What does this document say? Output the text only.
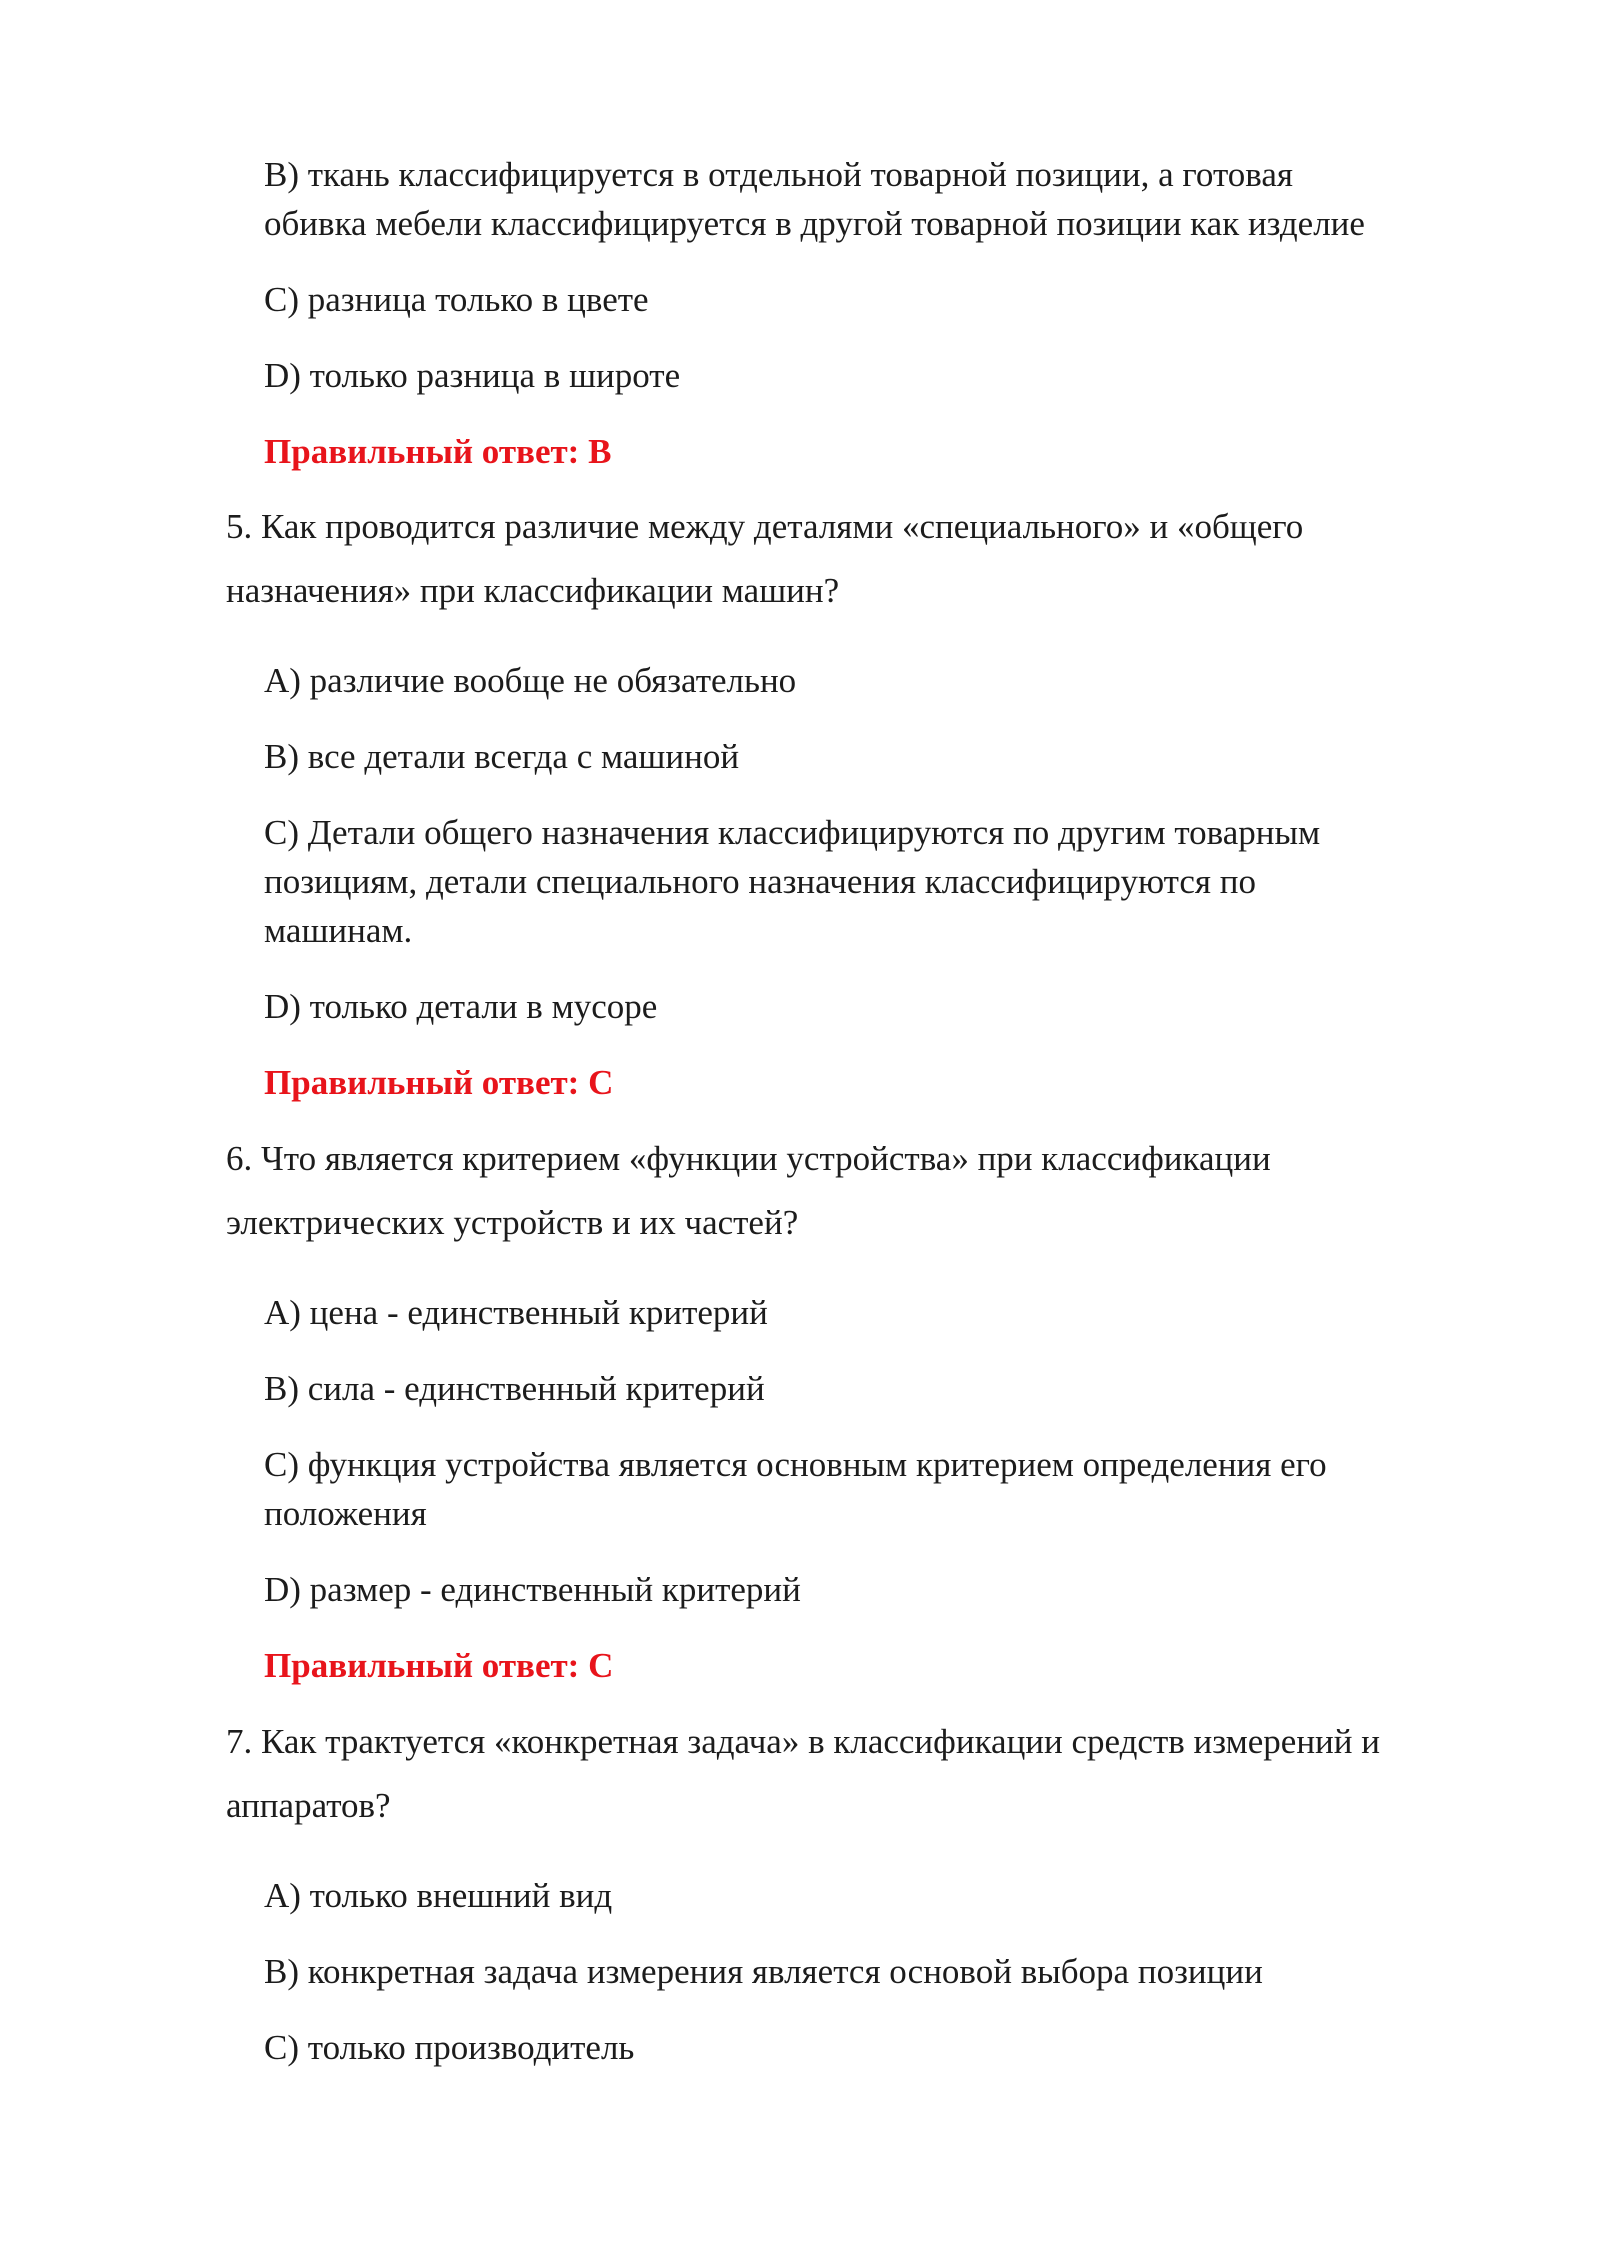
B) ткань классифицируется в отдельной товарной позиции, а готовая

обивка мебели классифицируется в другой товарной позиции как изделие

C) разница только в цвете

D) только разница в широте

Правильный ответ: B

5. Как проводится различие между деталями «специального» и «общего

назначения» при классификации машин?

A) различие вообще не обязательно

B) все детали всегда с машиной

C) Детали общего назначения классифицируются по другим товарным

позициям, детали специального назначения классифицируются по

машинам.

D) только детали в мусоре

Правильный ответ: C

6. Что является критерием «функции устройства» при классификации

электрических устройств и их частей?

A) цена - единственный критерий

B) сила - единственный критерий

C) функция устройства является основным критерием определения его

положения

D) размер - единственный критерий

Правильный ответ: C

7. Как трактуется «конкретная задача» в классификации средств измерений и

аппаратов?

A) только внешний вид

B) конкретная задача измерения является основой выбора позиции

C) только производитель
